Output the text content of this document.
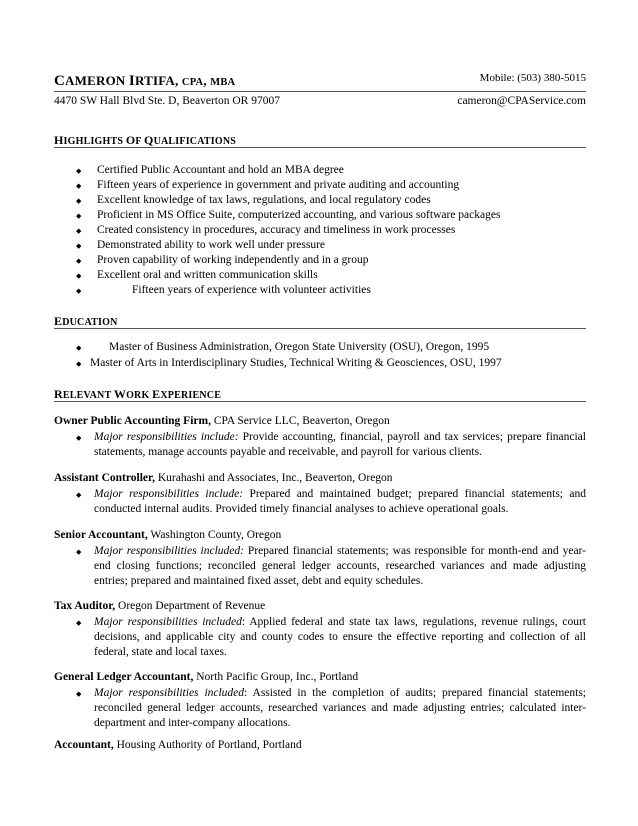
CAMERON IRTIFA, CPA, MBA	Mobile: (503) 380-5015
4470 SW Hall Blvd Ste. D, Beaverton OR 97007	cameron@CPAService.com
HIGHLIGHTS OF QUALIFICATIONS
◆ Certified Public Accountant and hold an MBA degree
◆ Fifteen years of experience in government and private auditing and accounting
◆ Excellent knowledge of tax laws, regulations, and local regulatory codes
◆ Proficient in MS Office Suite, computerized accounting, and various software packages
◆ Created consistency in procedures, accuracy and timeliness in work processes
◆ Demonstrated ability to work well under pressure
◆ Proven capability of working independently and in a group
◆ Excellent oral and written communication skills
◆	Fifteen years of experience with volunteer activities
EDUCATION
◆ Master of Business Administration, Oregon State University (OSU), Oregon, 1995
◆ Master of Arts in Interdisciplinary Studies, Technical Writing & Geosciences, OSU, 1997
RELEVANT WORK EXPERIENCE
Owner Public Accounting Firm, CPA Service LLC, Beaverton, Oregon
◆ Major responsibilities include: Provide accounting, financial, payroll and tax services; prepare financial statements, manage accounts payable and receivable, and payroll for various clients.
Assistant Controller, Kurahashi and Associates, Inc., Beaverton, Oregon
◆ Major responsibilities include: Prepared and maintained budget; prepared financial statements; and conducted internal audits. Provided timely financial analyses to achieve operational goals.
Senior Accountant, Washington County, Oregon
◆ Major responsibilities included: Prepared financial statements; was responsible for month-end and year-end closing functions; reconciled general ledger accounts, researched variances and made adjusting entries; prepared and maintained fixed asset, debt and equity schedules.
Tax Auditor, Oregon Department of Revenue
◆ Major responsibilities included: Applied federal and state tax laws, regulations, revenue rulings, court decisions, and applicable city and county codes to ensure the effective reporting and collection of all federal, state and local taxes.
General Ledger Accountant, North Pacific Group, Inc., Portland
◆ Major responsibilities included: Assisted in the completion of audits; prepared financial statements; reconciled general ledger accounts, researched variances and made adjusting entries; calculated inter-department and inter-company allocations.
Accountant, Housing Authority of Portland, Portland
